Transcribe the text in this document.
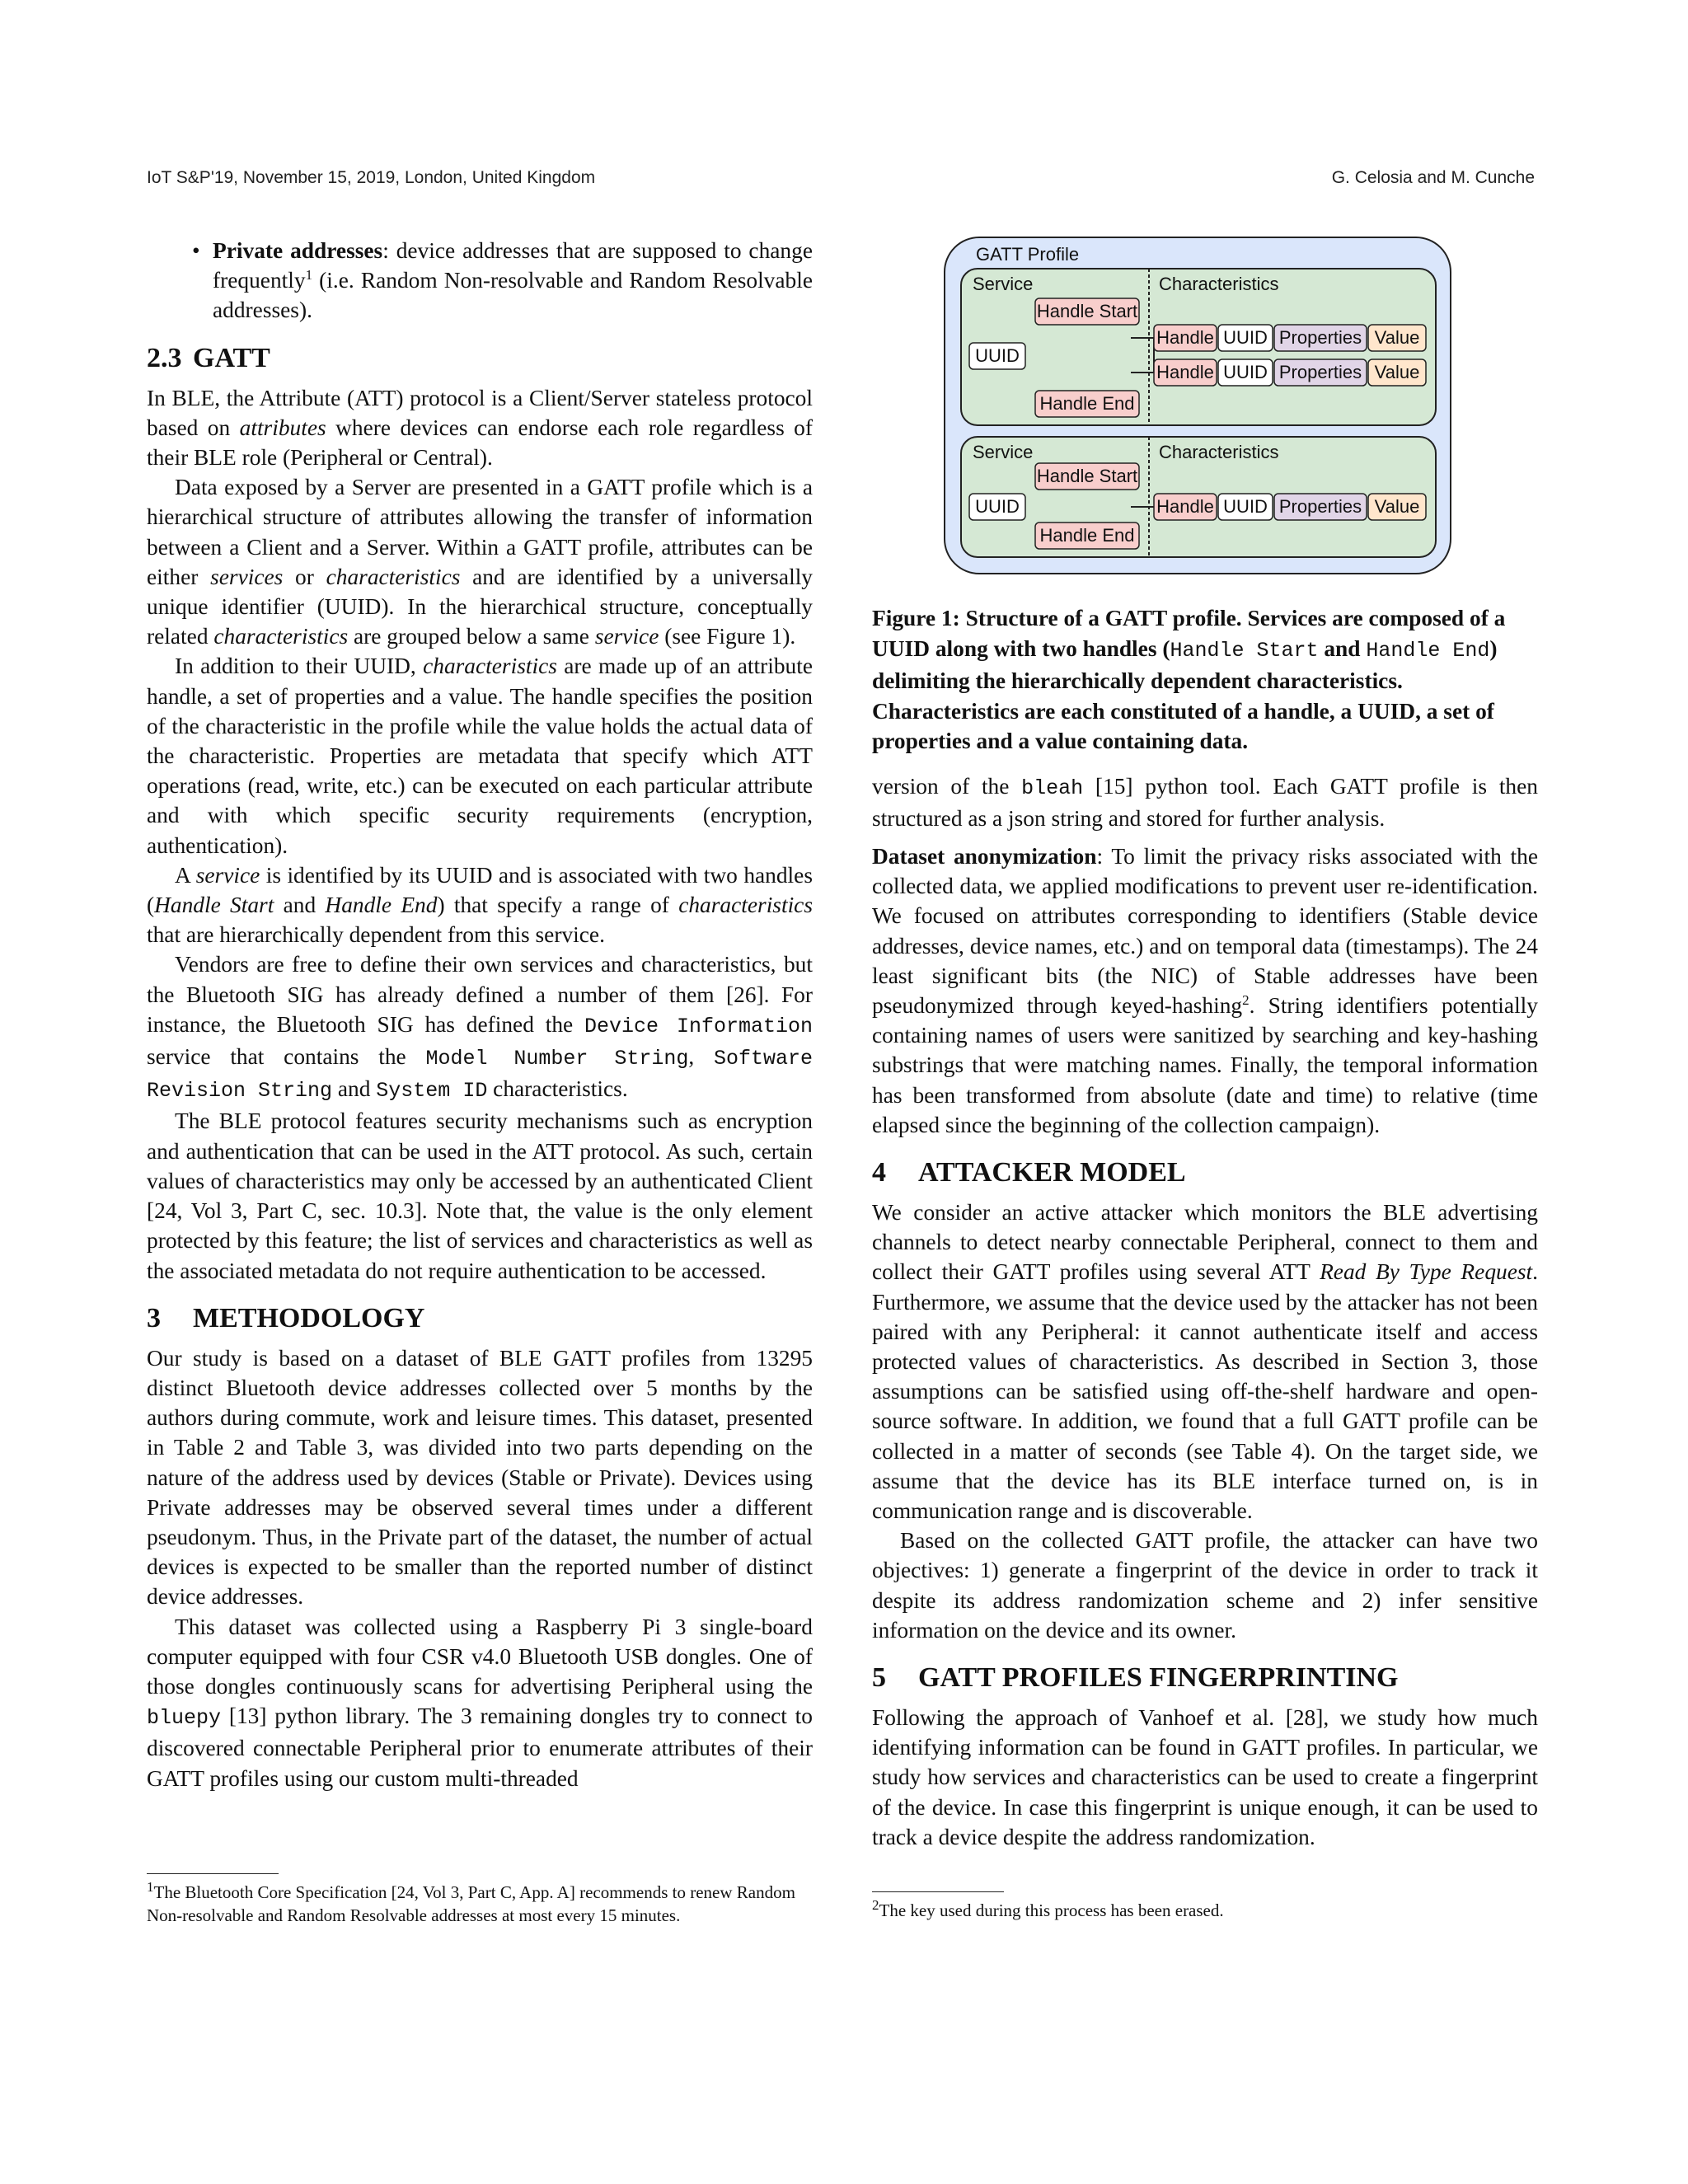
IoT S&P'19, November 15, 2019, London, United Kingdom	G. Celosia and M. Cunche

• Private addresses: device addresses that are supposed to change frequently$^1$ (i.e. Random Non-resolvable and Random Resolvable addresses).

2.3 GATT

In BLE, the Attribute (ATT) protocol is a Client/Server stateless protocol based on attributes where devices can endorse each role regardless of their BLE role (Peripheral or Central).

Data exposed by a Server are presented in a GATT profile which is a hierarchical structure of attributes allowing the transfer of information between a Client and a Server. Within a GATT profile, attributes can be either services or characteristics and are identified by a universally unique identifier (UUID). In the hierarchical structure, conceptually related characteristics are grouped below a same service (see Figure 1).

In addition to their UUID, characteristics are made up of an attribute handle, a set of properties and a value. The handle specifies the position of the characteristic in the profile while the value holds the actual data of the characteristic. Properties are metadata that specify which ATT operations (read, write, etc.) can be executed on each particular attribute and with which specific security requirements (encryption, authentication).

A service is identified by its UUID and is associated with two handles (Handle Start and Handle End) that specify a range of characteristics that are hierarchically dependent from this service.

Vendors are free to define their own services and characteristics, but the Bluetooth SIG has already defined a number of them [26]. For instance, the Bluetooth SIG has defined the Device Information service that contains the Model Number String, Software Revision String and System ID characteristics.

The BLE protocol features security mechanisms such as encryption and authentication that can be used in the ATT protocol. As such, certain values of characteristics may only be accessed by an authenticated Client [24, Vol 3, Part C, sec. 10.3]. Note that, the value is the only element protected by this feature; the list of services and characteristics as well as the associated metadata do not require authentication to be accessed.

3 METHODOLOGY

Our study is based on a dataset of BLE GATT profiles from 13295 distinct Bluetooth device addresses collected over 5 months by the authors during commute, work and leisure times. This dataset, presented in Table 2 and Table 3, was divided into two parts depending on the nature of the address used by devices (Stable or Private). Devices using Private addresses may be observed several times under a different pseudonym. Thus, in the Private part of the dataset, the number of actual devices is expected to be smaller than the reported number of distinct device addresses.

This dataset was collected using a Raspberry Pi 3 single-board computer equipped with four CSR v4.0 Bluetooth USB dongles. One of those dongles continuously scans for advertising Peripheral using the bluepy [13] python library. The 3 remaining dongles try to connect to discovered connectable Peripheral prior to enumerate attributes of their GATT profiles using our custom multi-threaded

$^1$The Bluetooth Core Specification [24, Vol 3, Part C, App. A] recommends to renew Random Non-resolvable and Random Resolvable addresses at most every 15 minutes.
GATT Profile
Service	Characteristics
Handle Start
UUID
Handle End
Handle UUID Properties Value
Handle UUID Properties Value
Service	Characteristics
Handle Start
UUID
Handle End
Handle UUID Properties Value

Figure 1: Structure of a GATT profile. Services are composed of a UUID along with two handles (Handle Start and Handle End) delimiting the hierarchically dependent characteristics. Characteristics are each constituted of a handle, a UUID, a set of properties and a value containing data.

version of the bleah [15] python tool. Each GATT profile is then structured as a json string and stored for further analysis.

Dataset anonymization: To limit the privacy risks associated with the collected data, we applied modifications to prevent user re-identification. We focused on attributes corresponding to identifiers (Stable device addresses, device names, etc.) and on temporal data (timestamps). The 24 least significant bits (the NIC) of Stable addresses have been pseudonymized through keyed-hashing$^2$. String identifiers potentially containing names of users were sanitized by searching and key-hashing substrings that were matching names. Finally, the temporal information has been transformed from absolute (date and time) to relative (time elapsed since the beginning of the collection campaign).

4 ATTACKER MODEL

We consider an active attacker which monitors the BLE advertising channels to detect nearby connectable Peripheral, connect to them and collect their GATT profiles using several ATT Read By Type Request. Furthermore, we assume that the device used by the attacker has not been paired with any Peripheral: it cannot authenticate itself and access protected values of characteristics. As described in Section 3, those assumptions can be satisfied using off-the-shelf hardware and open-source software. In addition, we found that a full GATT profile can be collected in a matter of seconds (see Table 4). On the target side, we assume that the device has its BLE interface turned on, is in communication range and is discoverable.

Based on the collected GATT profile, the attacker can have two objectives: 1) generate a fingerprint of the device in order to track it despite its address randomization scheme and 2) infer sensitive information on the device and its owner.

5 GATT PROFILES FINGERPRINTING

Following the approach of Vanhoef et al. [28], we study how much identifying information can be found in GATT profiles. In particular, we study how services and characteristics can be used to create a fingerprint of the device. In case this fingerprint is unique enough, it can be used to track a device despite the address randomization.

$^2$The key used during this process has been erased.
